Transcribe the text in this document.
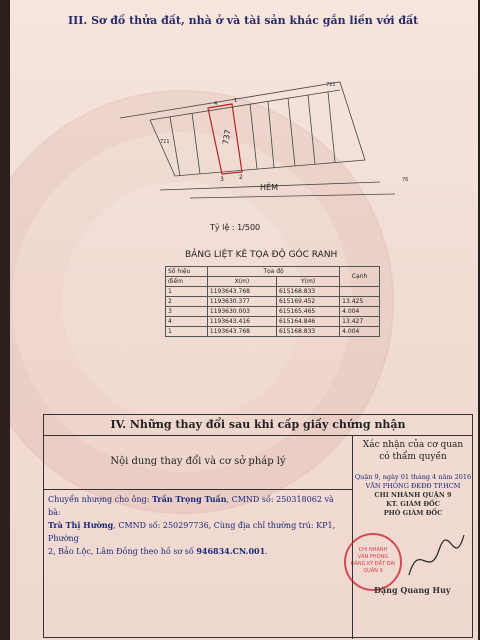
III. Sơ đồ thửa đất, nhà ở và tài sản khác gắn liền với đất
721
721	737
HẺM
76
3	2
4	1
Tỷ lệ : 1/500
BẢNG LIỆT KÊ TỌA ĐỘ GÓC RANH
Số hiệu	Tọa độ		Cạnh
điểm	X(m)	Y(m)	
1	1193643.768	615168.833	
2	1193630.377	615169.452	13.425
3	1193630.003	615165.465	4.004
4	1193643.416	615164.846	13.427
1	1193643.768	615168.833	4.004
IV. Những thay đổi sau khi cấp giấy chứng nhận
Nội dung thay đổi và cơ sở pháp lý
Xác nhận của cơ quan
có thẩm quyền
Chuyển nhượng cho ông: Trần Trọng Tuấn, CMND số: 250318062 và bà:
Trà Thị Hường, CMND số: 250297736, Cùng địa chỉ thường trú: KP1, Phường
2, Bảo Lộc, Lâm Đồng theo hồ sơ số 946834.CN.001.
Quận 9, ngày 01 tháng 4 năm 2016
VĂN PHÒNG ĐKĐĐ TP.HCM
CHI NHÁNH QUẬN 9
KT. GIÁM ĐỐC
PHÓ GIÁM ĐỐC
CHI NHÁNH
VĂN PHÒNG
ĐĂNG KÝ ĐẤT ĐAI
QUẬN 9
Đặng Quang Huy
